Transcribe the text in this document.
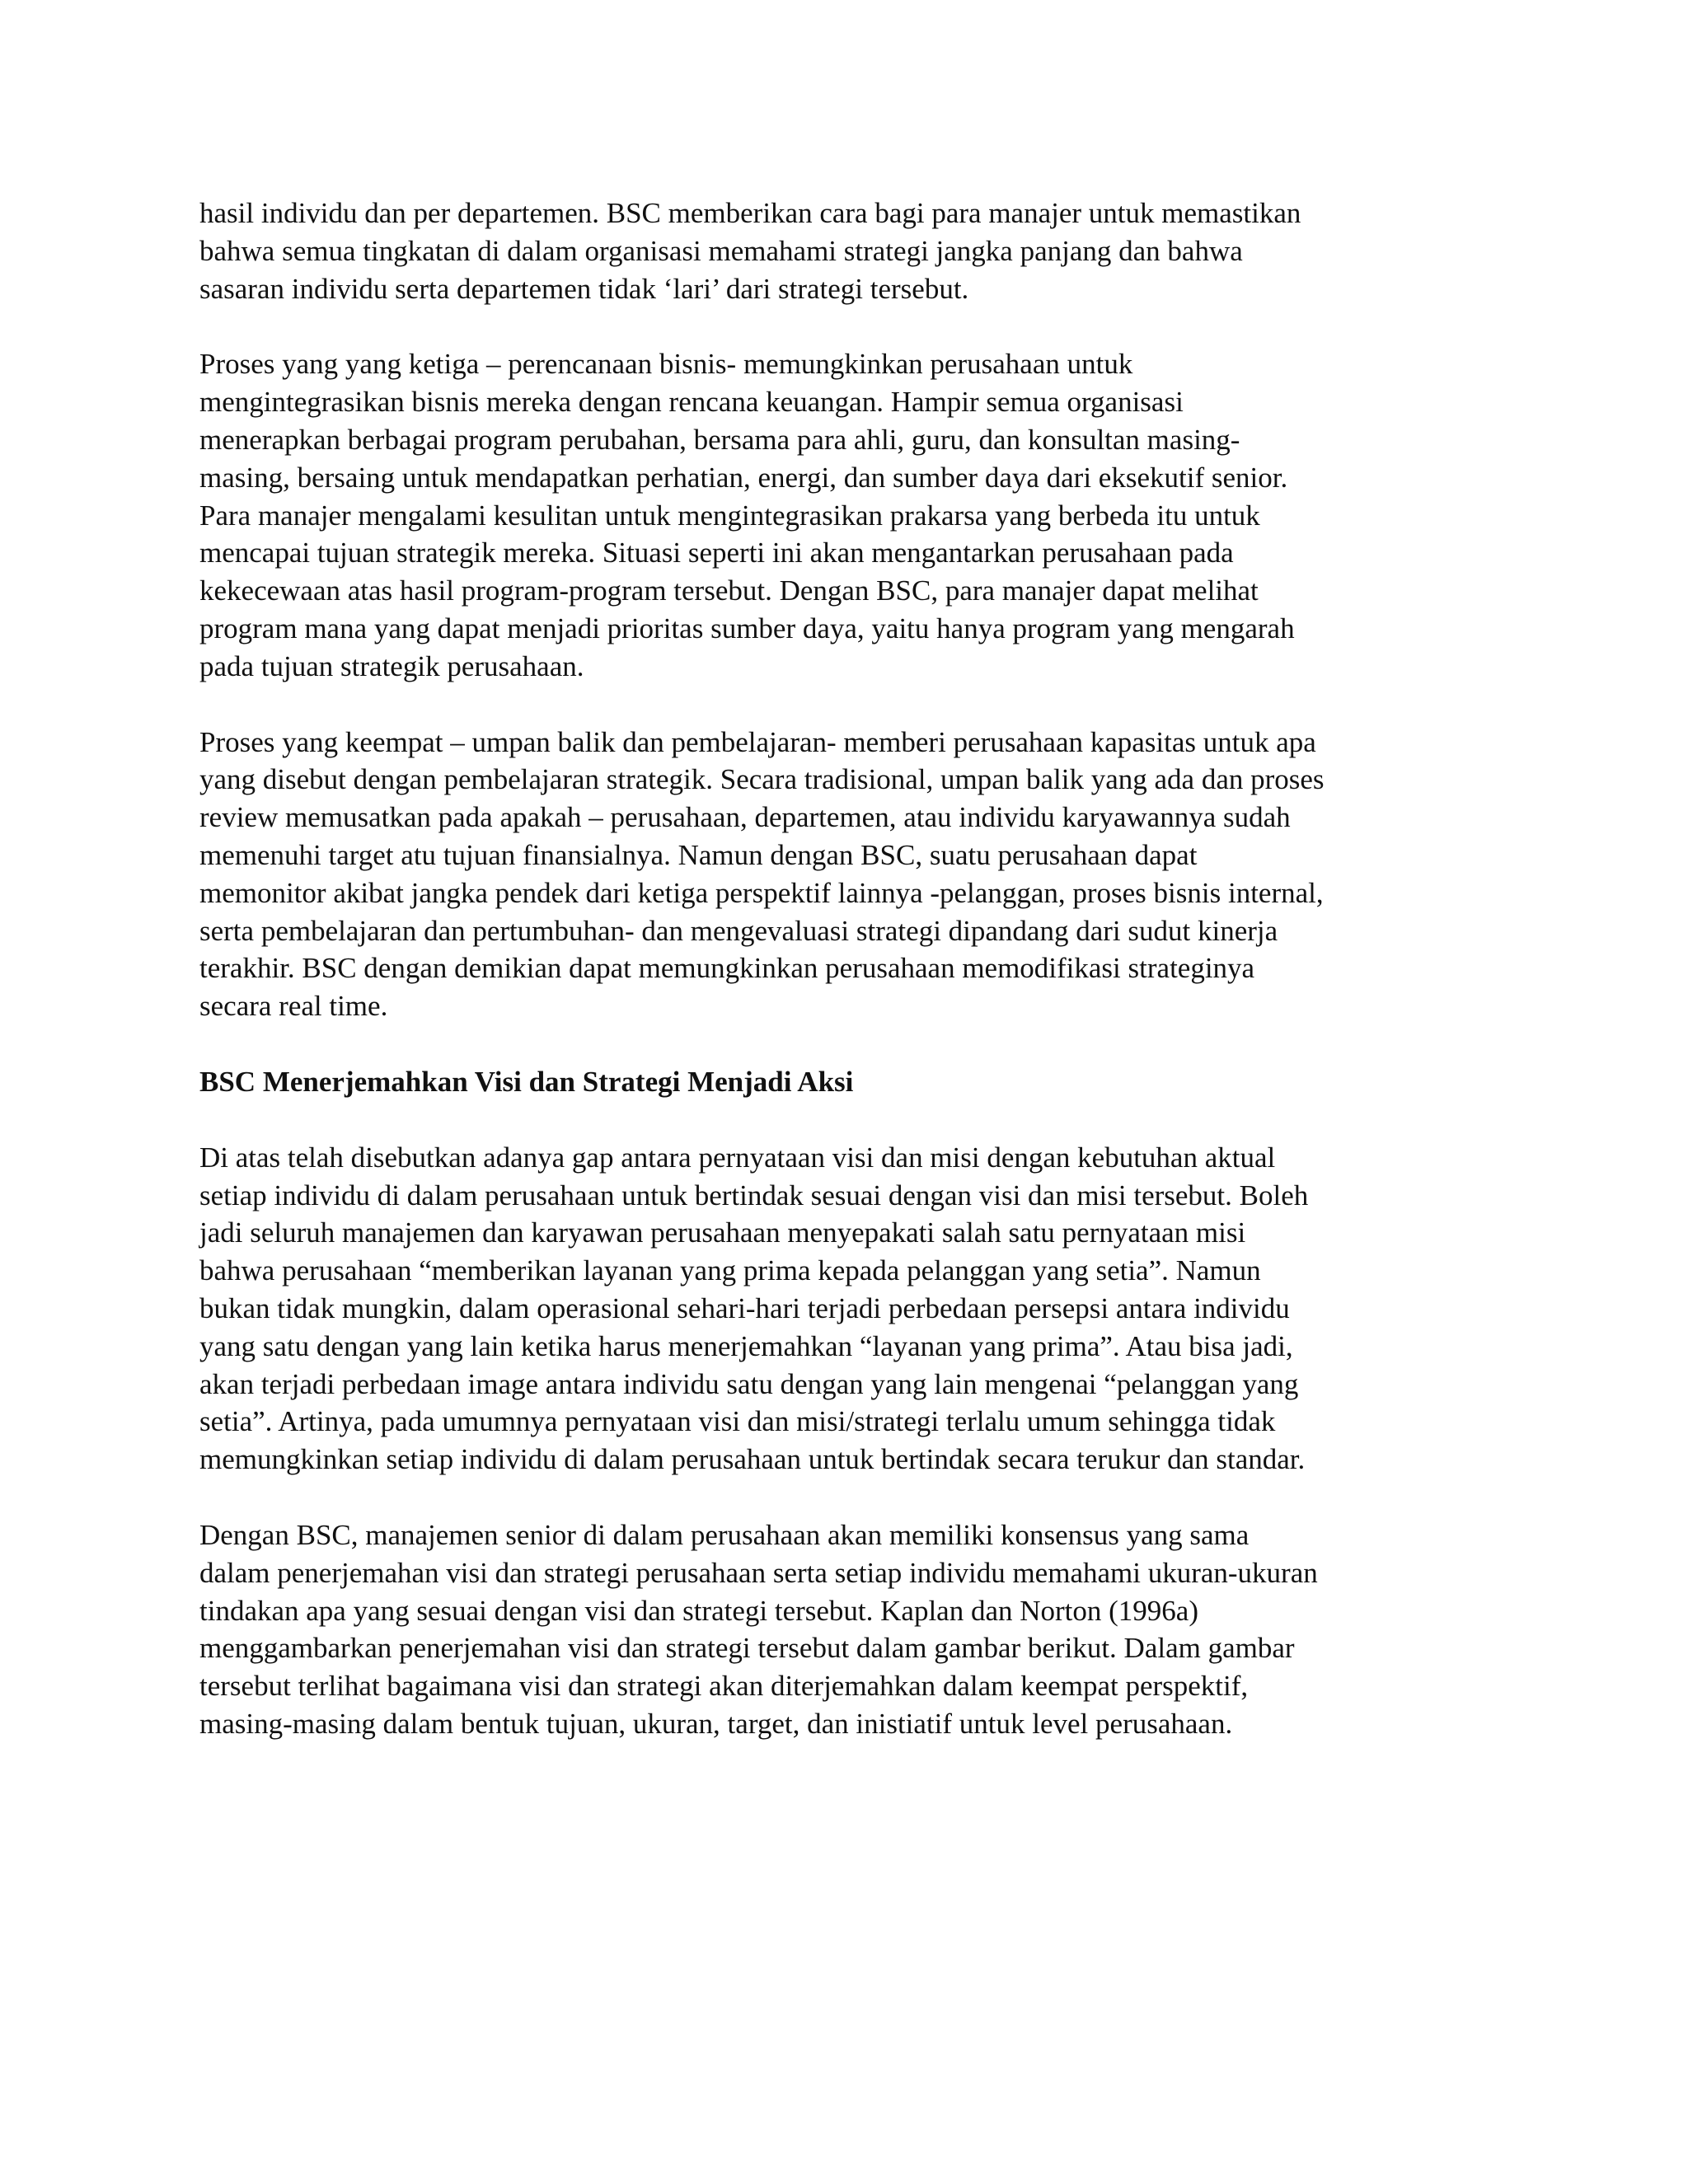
hasil individu dan per departemen. BSC memberikan cara bagi para manajer untuk memastikan
bahwa semua tingkatan di dalam organisasi memahami strategi jangka panjang dan bahwa
sasaran individu serta departemen tidak ‘lari’ dari strategi tersebut.
Proses yang yang ketiga – perencanaan bisnis- memungkinkan perusahaan untuk
mengintegrasikan bisnis mereka dengan rencana keuangan. Hampir semua organisasi
menerapkan berbagai program perubahan, bersama para ahli, guru, dan konsultan masing-
masing, bersaing untuk mendapatkan perhatian, energi, dan sumber daya dari eksekutif senior.
Para manajer mengalami kesulitan untuk mengintegrasikan prakarsa yang berbeda itu untuk
mencapai tujuan strategik mereka. Situasi seperti ini akan mengantarkan perusahaan pada
kekecewaan atas hasil program-program tersebut. Dengan BSC, para manajer dapat melihat
program mana yang dapat menjadi prioritas sumber daya, yaitu hanya program yang mengarah
pada tujuan strategik perusahaan.
Proses yang keempat – umpan balik dan pembelajaran- memberi perusahaan kapasitas untuk apa
yang disebut dengan pembelajaran strategik. Secara tradisional, umpan balik yang ada dan proses
review memusatkan pada apakah – perusahaan, departemen, atau individu karyawannya sudah
memenuhi target atu tujuan finansialnya. Namun dengan BSC, suatu perusahaan dapat
memonitor akibat jangka pendek dari ketiga perspektif lainnya -pelanggan, proses bisnis internal,
serta pembelajaran dan pertumbuhan- dan mengevaluasi strategi dipandang dari sudut kinerja
terakhir. BSC dengan demikian dapat memungkinkan perusahaan memodifikasi strateginya
secara real time.
BSC Menerjemahkan Visi dan Strategi Menjadi Aksi
Di atas telah disebutkan adanya gap antara pernyataan visi dan misi dengan kebutuhan aktual
setiap individu di dalam perusahaan untuk bertindak sesuai dengan visi dan misi tersebut. Boleh
jadi seluruh manajemen dan karyawan perusahaan menyepakati salah satu pernyataan misi
bahwa perusahaan “memberikan layanan yang prima kepada pelanggan yang setia”. Namun
bukan tidak mungkin, dalam operasional sehari-hari terjadi perbedaan persepsi antara individu
yang satu dengan yang lain ketika harus menerjemahkan “layanan yang prima”. Atau bisa jadi,
akan terjadi perbedaan image antara individu satu dengan yang lain mengenai “pelanggan yang
setia”. Artinya, pada umumnya pernyataan visi dan misi/strategi terlalu umum sehingga tidak
memungkinkan setiap individu di dalam perusahaan untuk bertindak secara terukur dan standar.
Dengan BSC, manajemen senior di dalam perusahaan akan memiliki konsensus yang sama
dalam penerjemahan visi dan strategi perusahaan serta setiap individu memahami ukuran-ukuran
tindakan apa yang sesuai dengan visi dan strategi tersebut. Kaplan dan Norton (1996a)
menggambarkan penerjemahan visi dan strategi tersebut dalam gambar berikut. Dalam gambar
tersebut terlihat bagaimana visi dan strategi akan diterjemahkan dalam keempat perspektif,
masing-masing dalam bentuk tujuan, ukuran, target, dan inistiatif untuk level perusahaan.
